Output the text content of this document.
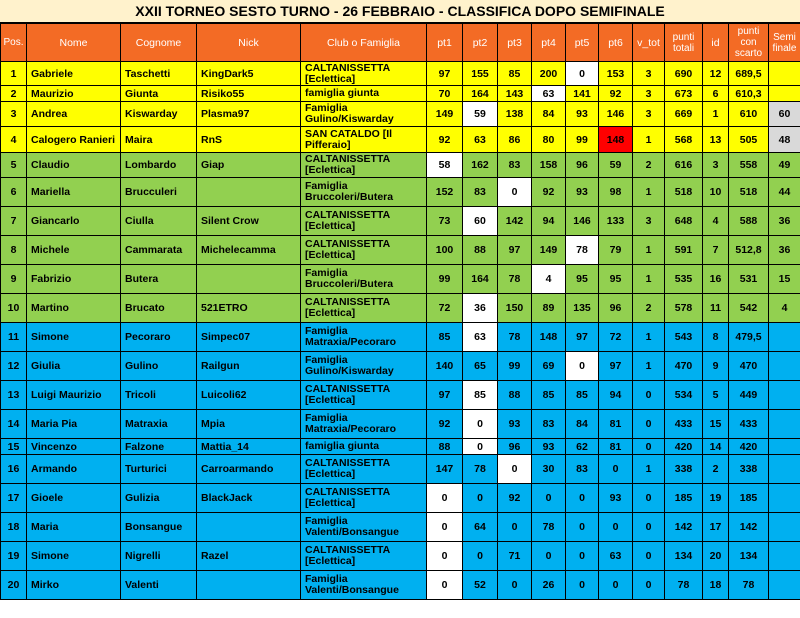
XXII TORNEO SESTO TURNO - 26 FEBBRAIO - CLASSIFICA DOPO SEMIFINALE
Pos.	Nome	Cognome	Nick	Club o Famiglia	pt1	pt2	pt3	pt4	pt5	pt6	v_tot	punti totali	id	punti con scarto	Semi finale
1	Gabriele	Taschetti	KingDark5	CALTANISSETTA [Eclettica]	97	155	85	200	0	153	3	690	12	689,5	
2	Maurizio	Giunta	Risiko55	famiglia giunta	70	164	143	63	141	92	3	673	6	610,3	
3	Andrea	Kiswarday	Plasma97	Famiglia Gulino/Kiswarday	149	59	138	84	93	146	3	669	1	610	60
4	Calogero Ranieri	Maira	RnS	SAN CATALDO [Il Pifferaio]	92	63	86	80	99	148	1	568	13	505	48
5	Claudio	Lombardo	Giap	CALTANISSETTA [Eclettica]	58	162	83	158	96	59	2	616	3	558	49
6	Mariella	Brucculeri		Famiglia Bruccoleri/Butera	152	83	0	92	93	98	1	518	10	518	44
7	Giancarlo	Ciulla	Silent Crow	CALTANISSETTA [Eclettica]	73	60	142	94	146	133	3	648	4	588	36
8	Michele	Cammarata	Michelecamma	CALTANISSETTA [Eclettica]	100	88	97	149	78	79	1	591	7	512,8	36
9	Fabrizio	Butera		Famiglia Bruccoleri/Butera	99	164	78	4	95	95	1	535	16	531	15
10	Martino	Brucato	521ETRO	CALTANISSETTA [Eclettica]	72	36	150	89	135	96	2	578	11	542	4
11	Simone	Pecoraro	Simpec07	Famiglia Matraxia/Pecoraro	85	63	78	148	97	72	1	543	8	479,5	
12	Giulia	Gulino	Railgun	Famiglia Gulino/Kiswarday	140	65	99	69	0	97	1	470	9	470	
13	Luigi Maurizio	Tricoli	Luicoli62	CALTANISSETTA [Eclettica]	97	85	88	85	85	94	0	534	5	449	
14	Maria Pia	Matraxia	Mpia	Famiglia Matraxia/Pecoraro	92	0	93	83	84	81	0	433	15	433	
15	Vincenzo	Falzone	Mattia_14	famiglia giunta	88	0	96	93	62	81	0	420	14	420	
16	Armando	Turturici	Carroarmando	CALTANISSETTA [Eclettica]	147	78	0	30	83	0	1	338	2	338	
17	Gioele	Gulizia	BlackJack	CALTANISSETTA [Eclettica]	0	0	92	0	0	93	0	185	19	185	
18	Maria	Bonsangue		Famiglia Valenti/Bonsangue	0	64	0	78	0	0	0	142	17	142	
19	Simone	Nigrelli	Razel	CALTANISSETTA [Eclettica]	0	0	71	0	0	63	0	134	20	134	
20	Mirko	Valenti		Famiglia Valenti/Bonsangue	0	52	0	26	0	0	0	78	18	78	
